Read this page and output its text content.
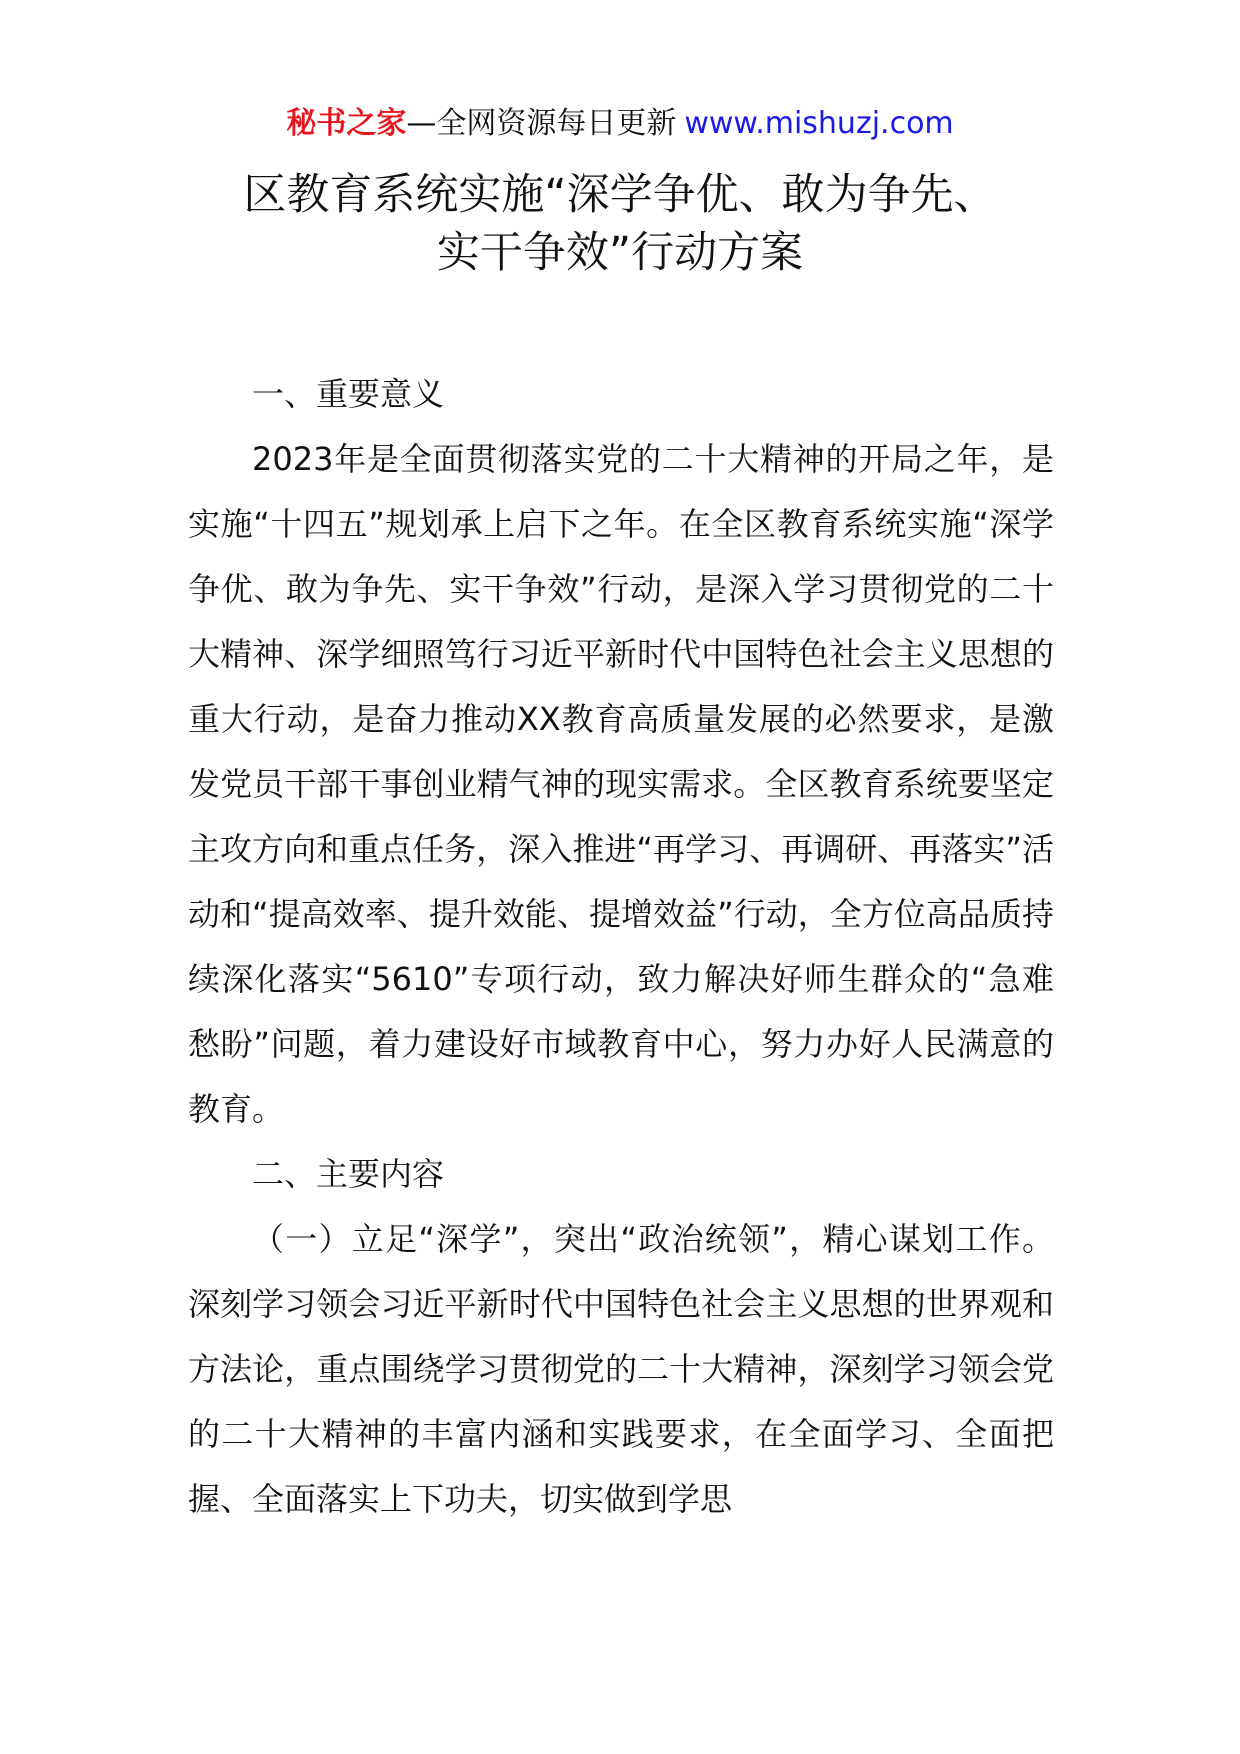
秘书之家—全网资源每日更新 www.mishuzj.com
区教育系统实施“深学争优、敢为争先、
实干争效”行动方案

一、重要意义

2023年是全面贯彻落实党的二十大精神的开局之年，是实施“十四五”规划承上启下之年。在全区教育系统实施“深学争优、敢为争先、实干争效”行动，是深入学习贯彻党的二十大精神、深学细照笃行习近平新时代中国特色社会主义思想的重大行动，是奋力推动XX教育高质量发展的必然要求，是激发党员干部干事创业精气神的现实需求。全区教育系统要坚定主攻方向和重点任务，深入推进“再学习、再调研、再落实”活动和“提高效率、提升效能、提增效益”行动，全方位高品质持续深化落实“5610”专项行动，致力解决好师生群众的“急难愁盼”问题，着力建设好市域教育中心，努力办好人民满意的教育。

二、主要内容

（一）立足“深学”，突出“政治统领”，精心谋划工作。深刻学习领会习近平新时代中国特色社会主义思想的世界观和方法论，重点围绕学习贯彻党的二十大精神，深刻学习领会党的二十大精神的丰富内涵和实践要求，在全面学习、全面把握、全面落实上下功夫，切实做到学思
